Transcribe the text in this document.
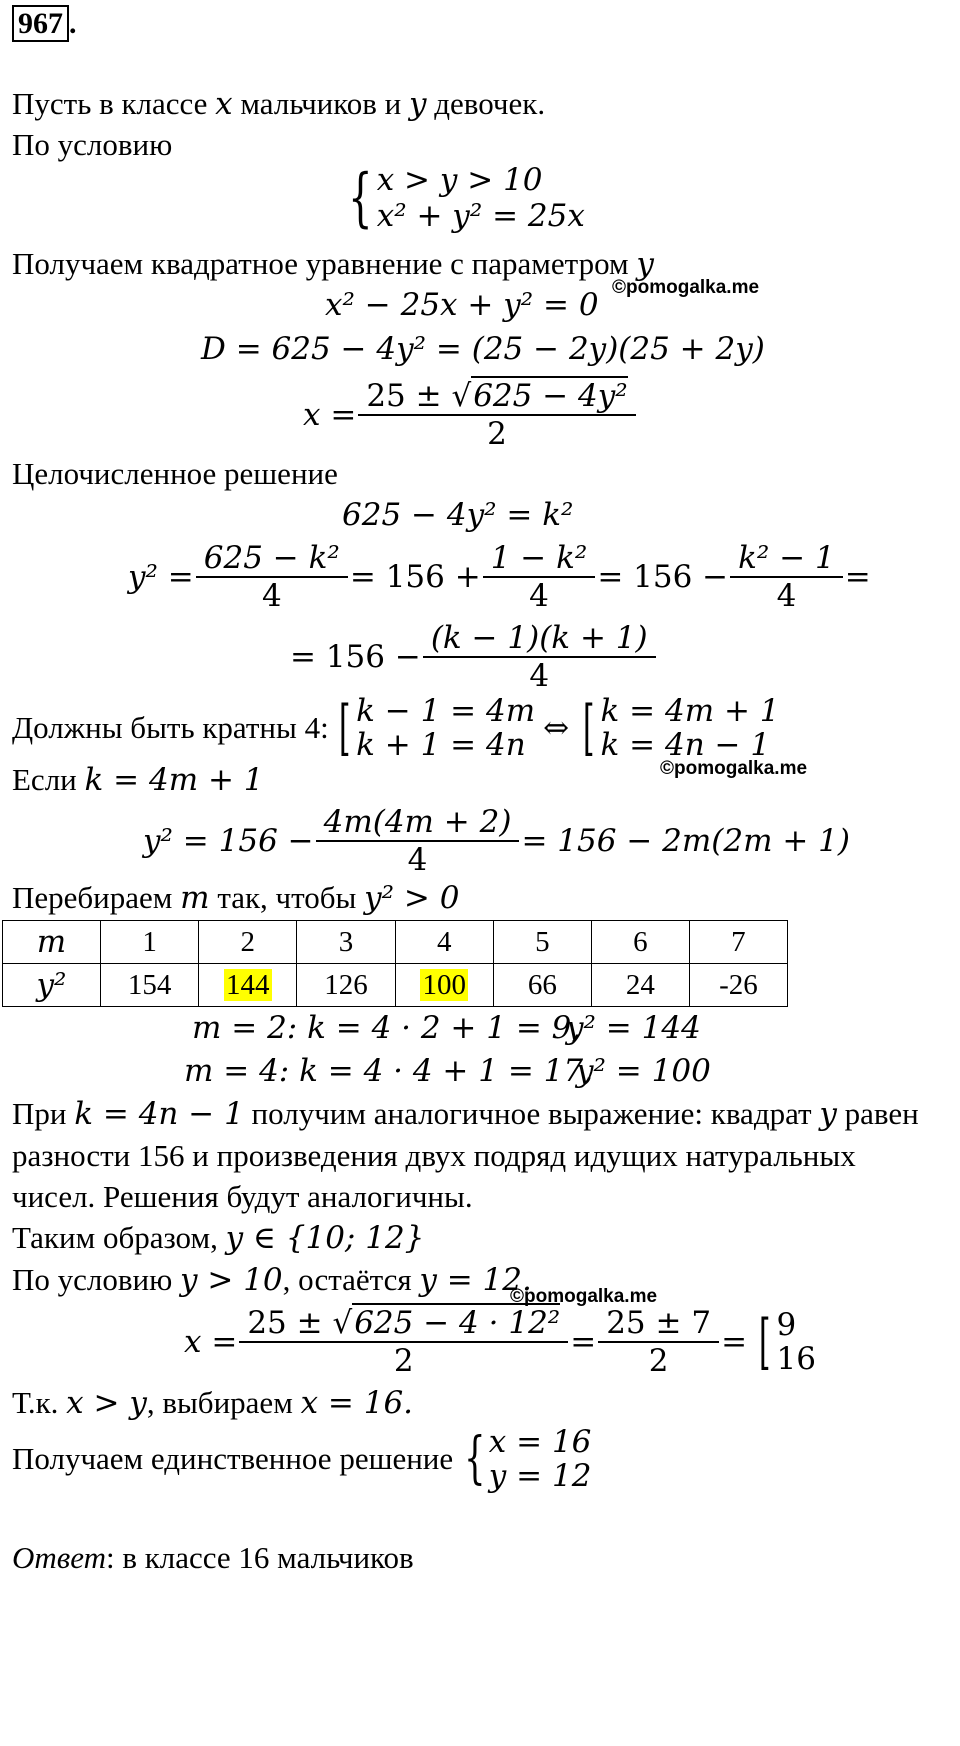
967 .
Пусть в классе x мальчиков и y девочек.
По условию
{ x > y > 10
x² + y² = 25x
Получаем квадратное уравнение с параметром y
©pomogalka.me
x² − 25x + y² = 0
D = 625 − 4y² = (25 − 2y)(25 + 2y)
$x = \frac{\text{25 ± √625 − 4y²}}{2}$
Целочисленное решение
625 − 4y² = k²
$y^2 = \frac{\text{625 − k²}}{4} = 156 + \frac{\text{1 − k²}}{4} = 156 - \frac{\text{k² − 1}}{4}$ =
= $156 - \frac{(k - 1)(k + 1)}{4}$
Должны быть кратны 4: [ k − 1 = 4m
k + 1 = 4n ⇔ [ k = 4m + 1
k = 4n − 1
Если k = 4m + 1	©pomogalka.me
$y^2 = 156 - \frac{4m(4m + 2)}{4} = 156 - 2m(2m + 1)$
Перебираем m так, чтобы y² > 0
m	1	2	3	4	5	6	7
y²	154	144	126	100	66	24	-26
m = 2: k = 4 · 2 + 1 = 9,
y² = 144
m = 4: k = 4 · 4 + 1 = 17,
y² = 100
При k = 4n − 1 получим аналогичное выражение: квадрат y равен
разности 156 и произведения двух подряд идущих натуральных
чисел. Решения будут аналогичны.
Таким образом, y ∈ {10; 12}
По условию y > 10, остаётся y = 12.
©pomogalka.me
$x = \frac{\text{25 ± √625 − 4 · 12²}}{2} = \frac{25 \pm 7}{2}$ = [ 9
16
Т.к. x > y, выбираем x = 16.
Получаем единственное решение { x = 16
y = 12
Ответ: в классе 16 мальчиков
